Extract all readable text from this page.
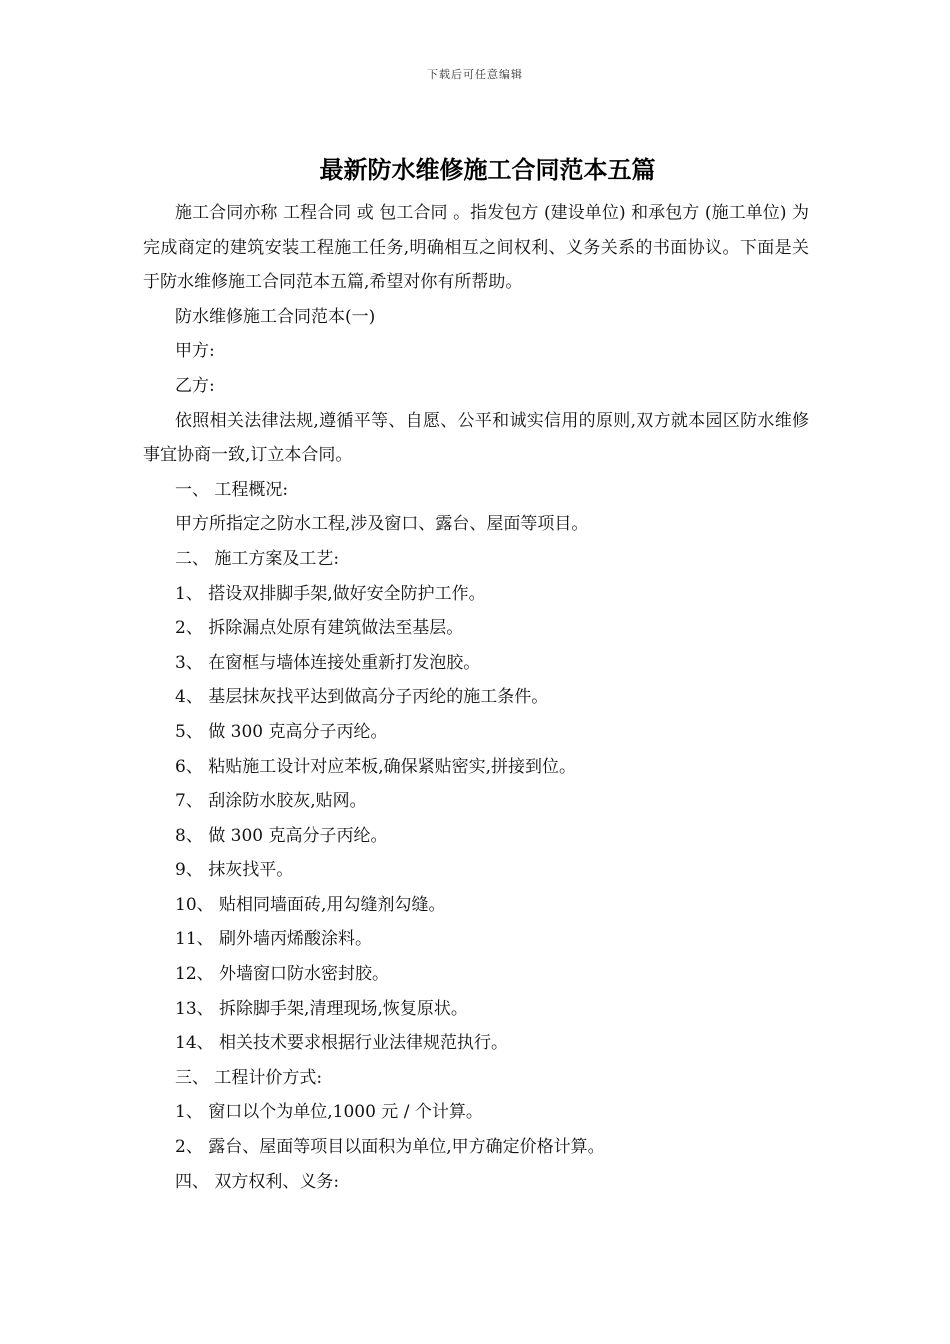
下载后可任意编辑
最新防水维修施工合同范本五篇

施工合同亦称 工程合同 或 包工合同 。指发包方 (建设单位) 和承包方 (施工单位) 为完成商定的建筑安装工程施工任务,明确相互之间权利、义务关系的书面协议。下面是关于防水维修施工合同范本五篇,希望对你有所帮助。

防水维修施工合同范本(一)

甲方:

乙方:

依照相关法律法规,遵循平等、自愿、公平和诚实信用的原则,双方就本园区防水维修事宜协商一致,订立本合同。

一、 工程概况:

甲方所指定之防水工程,涉及窗口、露台、屋面等项目。

二、 施工方案及工艺:

1、 搭设双排脚手架,做好安全防护工作。

2、 拆除漏点处原有建筑做法至基层。

3、 在窗框与墙体连接处重新打发泡胶。

4、 基层抹灰找平达到做高分子丙纶的施工条件。

5、 做 300 克高分子丙纶。

6、 粘贴施工设计对应苯板,确保紧贴密实,拼接到位。

7、 刮涂防水胶灰,贴网。

8、 做 300 克高分子丙纶。

9、 抹灰找平。

10、 贴相同墙面砖,用勾缝剂勾缝。

11、 刷外墙丙烯酸涂料。

12、 外墙窗口防水密封胶。

13、 拆除脚手架,清理现场,恢复原状。

14、 相关技术要求根据行业法律规范执行。

三、 工程计价方式:

1、 窗口以个为单位,1000 元 / 个计算。

2、 露台、屋面等项目以面积为单位,甲方确定价格计算。

四、 双方权利、义务:
